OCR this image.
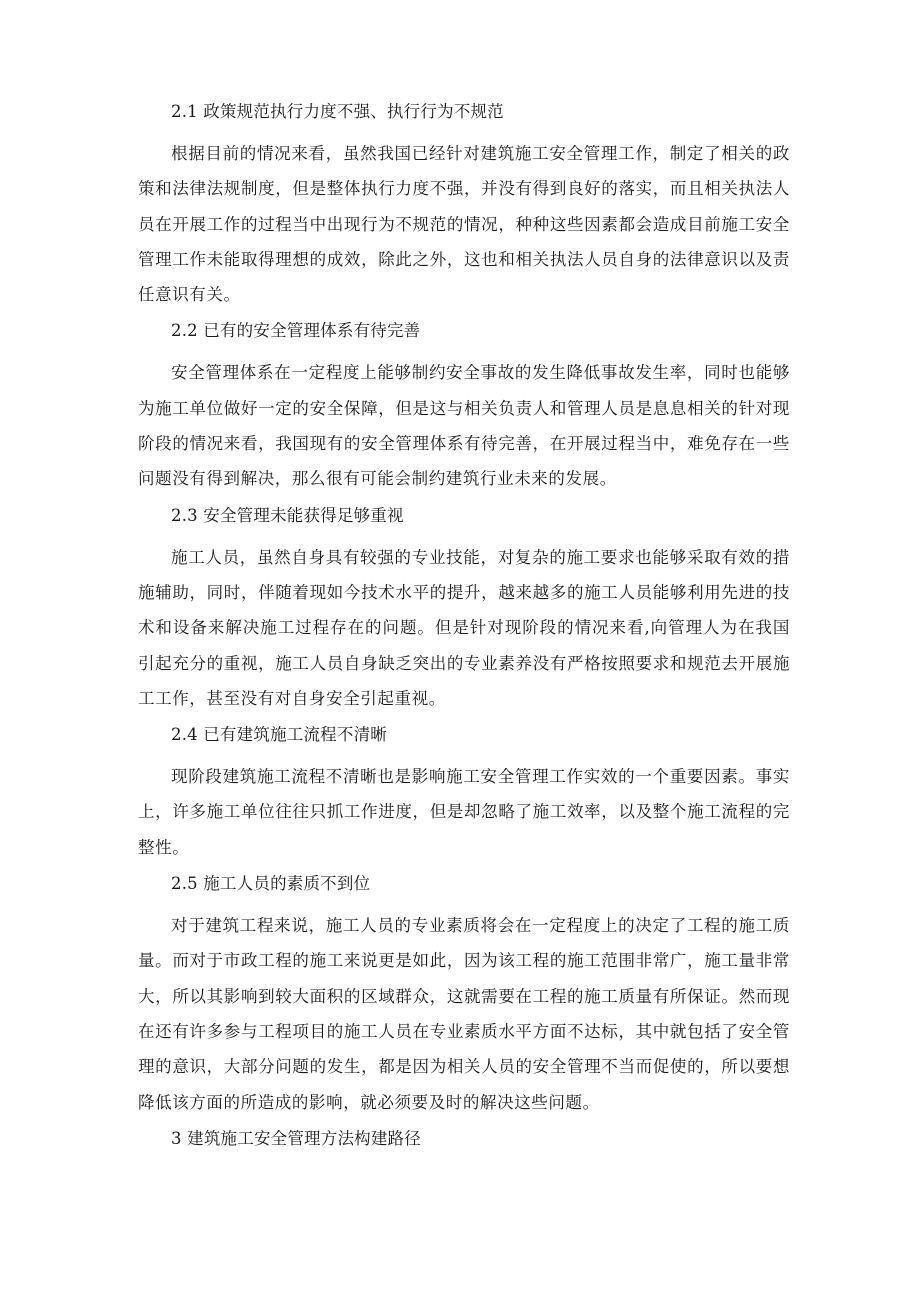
2.1 政策规范执行力度不强、执行行为不规范

根据目前的情况来看，虽然我国已经针对建筑施工安全管理工作，制定了相关的政策和法律法规制度，但是整体执行力度不强，并没有得到良好的落实，而且相关执法人员在开展工作的过程当中出现行为不规范的情况，种种这些因素都会造成目前施工安全管理工作未能取得理想的成效，除此之外，这也和相关执法人员自身的法律意识以及责任意识有关。

2.2 已有的安全管理体系有待完善

安全管理体系在一定程度上能够制约安全事故的发生降低事故发生率，同时也能够为施工单位做好一定的安全保障，但是这与相关负责人和管理人员是息息相关的针对现阶段的情况来看，我国现有的安全管理体系有待完善，在开展过程当中，难免存在一些问题没有得到解决，那么很有可能会制约建筑行业未来的发展。

2.3 安全管理未能获得足够重视

施工人员，虽然自身具有较强的专业技能，对复杂的施工要求也能够采取有效的措施辅助，同时，伴随着现如今技术水平的提升，越来越多的施工人员能够利用先进的技术和设备来解决施工过程存在的问题。但是针对现阶段的情况来看,向管理人为在我国引起充分的重视，施工人员自身缺乏突出的专业素养没有严格按照要求和规范去开展施工工作，甚至没有对自身安全引起重视。

2.4 已有建筑施工流程不清晰

现阶段建筑施工流程不清晰也是影响施工安全管理工作实效的一个重要因素。事实上，许多施工单位往往只抓工作进度，但是却忽略了施工效率，以及整个施工流程的完整性。

2.5 施工人员的素质不到位

对于建筑工程来说，施工人员的专业素质将会在一定程度上的决定了工程的施工质量。而对于市政工程的施工来说更是如此，因为该工程的施工范围非常广，施工量非常大，所以其影响到较大面积的区域群众，这就需要在工程的施工质量有所保证。然而现在还有许多参与工程项目的施工人员在专业素质水平方面不达标，其中就包括了安全管理的意识，大部分问题的发生，都是因为相关人员的安全管理不当而促使的，所以要想降低该方面的所造成的影响，就必须要及时的解决这些问题。

3 建筑施工安全管理方法构建路径
